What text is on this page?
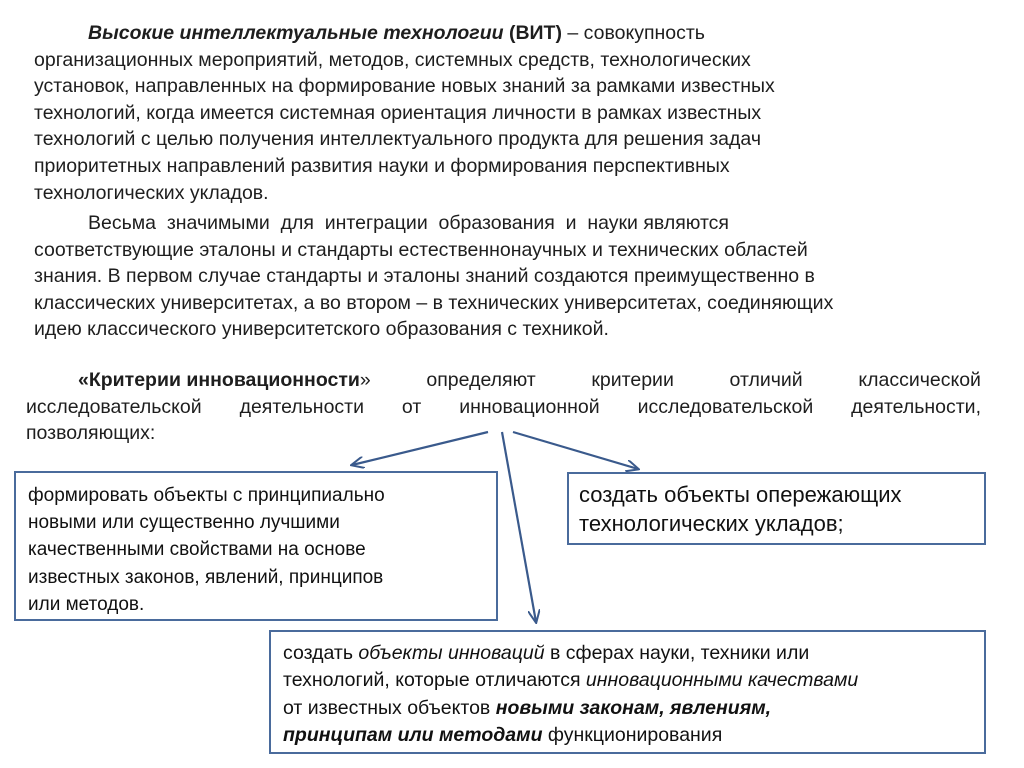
Высокие интеллектуальные технологии (ВИТ) – совокупность
организационных мероприятий, методов, системных средств, технологических
установок, направленных на формирование новых знаний за рамками известных
технологий, когда имеется системная ориентация личности в рамках известных
технологий с целью получения интеллектуального продукта для решения задач
приоритетных направлений развития науки и формирования перспективных
технологических укладов.
Весьма  значимыми  для  интеграции  образования  и  науки являются
соответствующие эталоны и стандарты естественнонаучных и технических областей
знания. В первом случае стандарты и эталоны знаний создаются преимущественно в
классических университетах, а во втором – в технических университетах, соединяющих
идею классического университетского образования с техникой.
«Критерии инновационности»	определяют	критерии	отличий	классической
исследовательской деятельности от инновационной исследовательской деятельности,
позволяющих:
формировать объекты с принципиально
новыми или существенно лучшими
качественными свойствами на основе
известных законов, явлений, принципов
или методов.
создать объекты опережающих
технологических укладов;
создать объекты инноваций в сферах науки, техники или
технологий, которые отличаются инновационными качествами
от известных объектов новыми законам, явлениям,
принципам или методами функционирования
